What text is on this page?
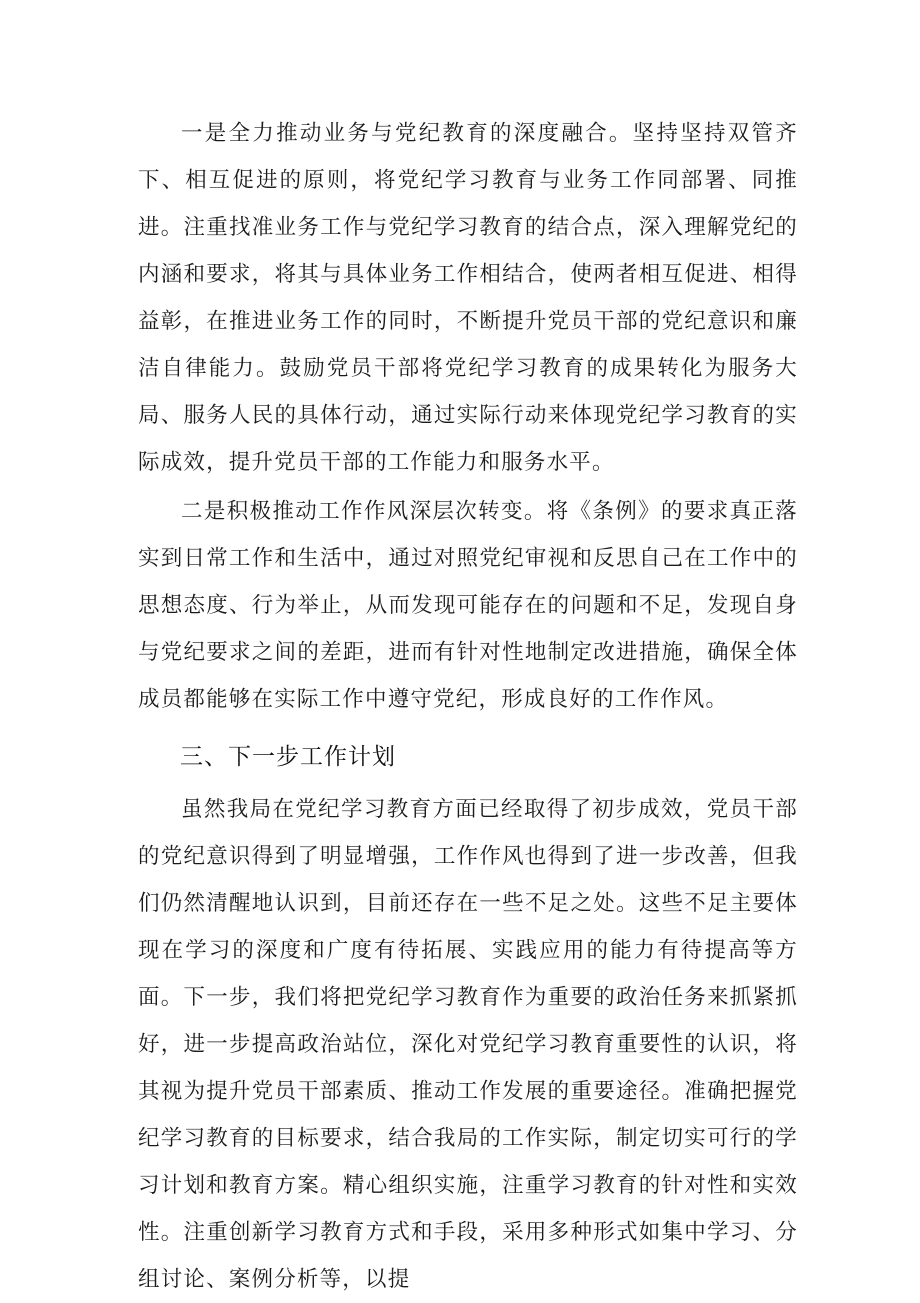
一是全力推动业务与党纪教育的深度融合。坚持坚持双管齐下、相互促进的原则，将党纪学习教育与业务工作同部署、同推进。注重找准业务工作与党纪学习教育的结合点，深入理解党纪的内涵和要求，将其与具体业务工作相结合，使两者相互促进、相得益彰，在推进业务工作的同时，不断提升党员干部的党纪意识和廉洁自律能力。鼓励党员干部将党纪学习教育的成果转化为服务大局、服务人民的具体行动，通过实际行动来体现党纪学习教育的实际成效，提升党员干部的工作能力和服务水平。

二是积极推动工作作风深层次转变。将《条例》的要求真正落实到日常工作和生活中，通过对照党纪审视和反思自己在工作中的思想态度、行为举止，从而发现可能存在的问题和不足，发现自身与党纪要求之间的差距，进而有针对性地制定改进措施，确保全体成员都能够在实际工作中遵守党纪，形成良好的工作作风。

三、下一步工作计划

虽然我局在党纪学习教育方面已经取得了初步成效，党员干部的党纪意识得到了明显增强，工作作风也得到了进一步改善，但我们仍然清醒地认识到，目前还存在一些不足之处。这些不足主要体现在学习的深度和广度有待拓展、实践应用的能力有待提高等方面。下一步，我们将把党纪学习教育作为重要的政治任务来抓紧抓好，进一步提高政治站位，深化对党纪学习教育重要性的认识，将其视为提升党员干部素质、推动工作发展的重要途径。准确把握党纪学习教育的目标要求，结合我局的工作实际，制定切实可行的学习计划和教育方案。精心组织实施，注重学习教育的针对性和实效性。注重创新学习教育方式和手段，采用多种形式如集中学习、分组讨论、案例分析等，以提
